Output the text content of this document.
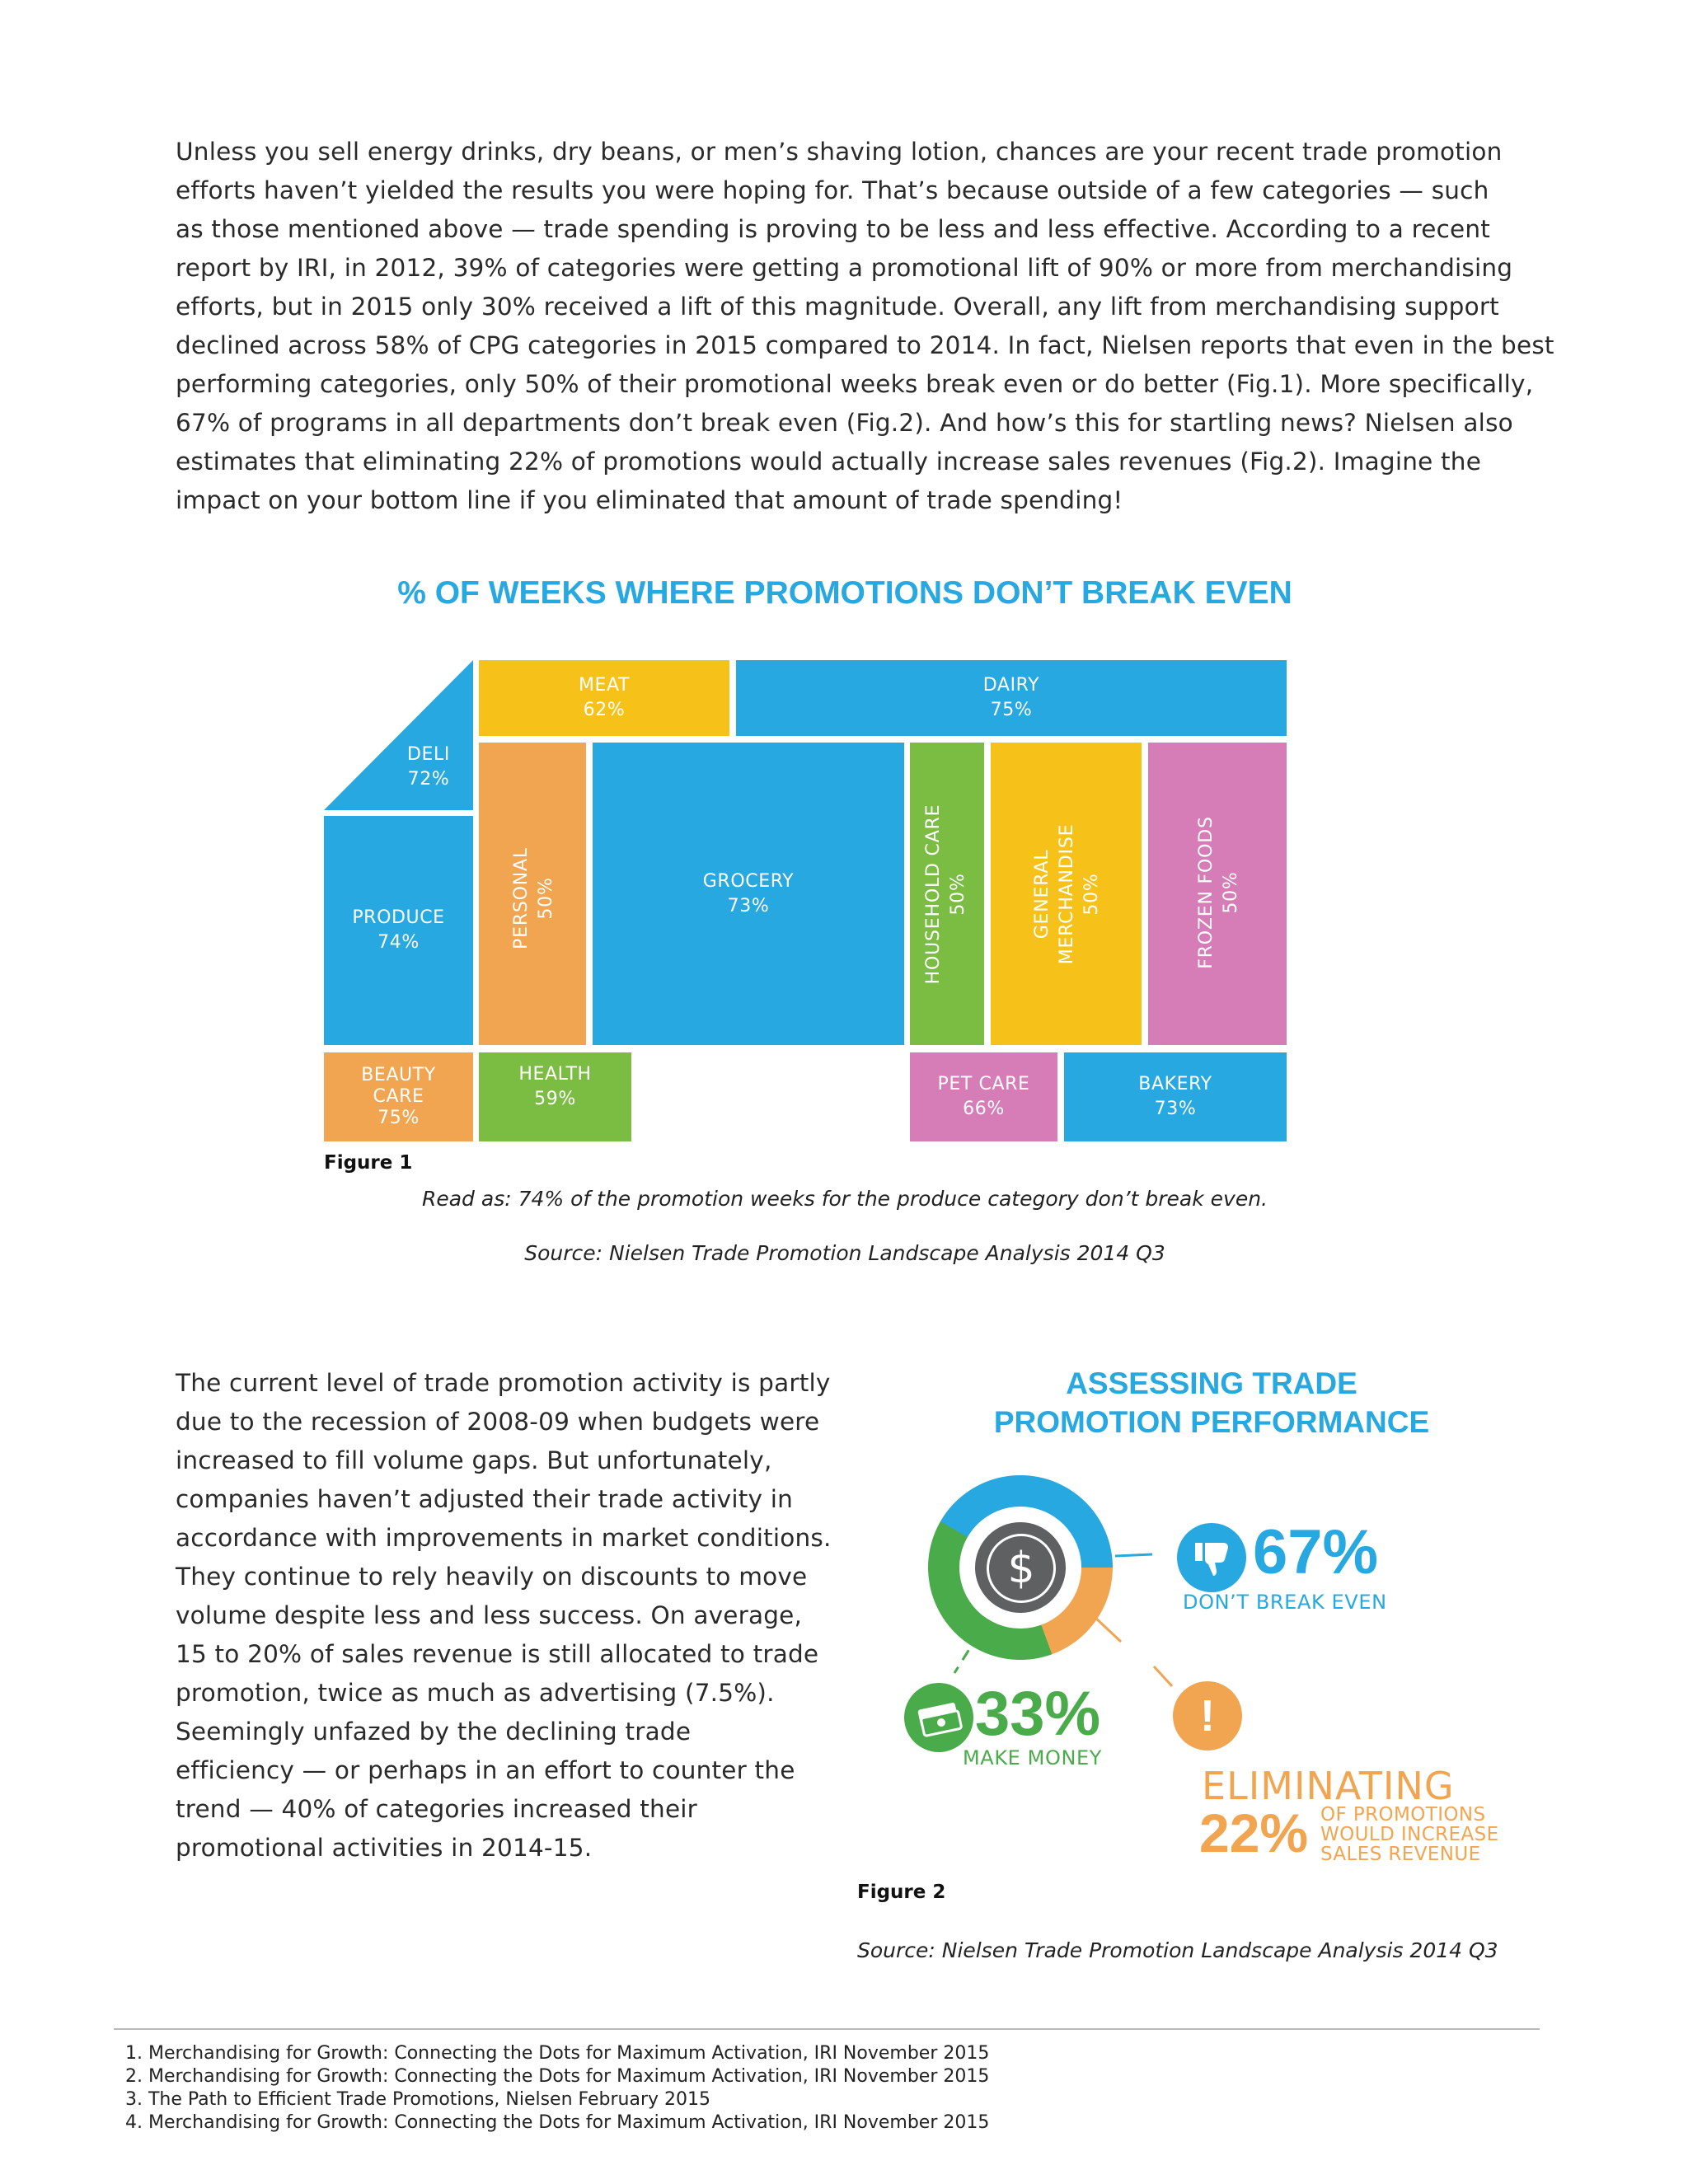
Unless you sell energy drinks, dry beans, or men’s shaving lotion, chances are your recent trade promotion

efforts haven’t yielded the results you were hoping for. That’s because outside of a few categories — such

as those mentioned above — trade spending is proving to be less and less effective. According to a recent

report by IRI, in 2012, 39% of categories were getting a promotional lift of 90% or more from merchandising

efforts, but in 2015 only 30% received a lift of this magnitude. Overall, any lift from merchandising support

declined across 58% of CPG categories in 2015 compared to 2014. In fact, Nielsen reports that even in the best

performing categories, only 50% of their promotional weeks break even or do better (Fig.1). More specifically,

67% of programs in all departments don’t break even (Fig.2). And how’s this for startling news? Nielsen also

estimates that eliminating 22% of promotions would actually increase sales revenues (Fig.2). Imagine the

impact on your bottom line if you eliminated that amount of trade spending!

% OF WEEKS WHERE PROMOTIONS DON’T BREAK EVEN
MEAT
62%
DAIRY
75%
DELI
72%
PRODUCE
74%	PERSONAL 50%	GROCERY
73%	HOUSEHOLD CARE 50%	GENERAL MERCHANDISE 50%	FROZEN FOODS 50%
BEAUTY
CARE
75%
HEALTH
59%
PET CARE
66%
BAKERY
73%
Figure 1
Read as: 74% of the promotion weeks for the produce category don’t break even.
Source: Nielsen Trade Promotion Landscape Analysis 2014 Q3

The current level of trade promotion activity is partly

due to the recession of 2008-09 when budgets were

increased to fill volume gaps. But unfortunately,

companies haven’t adjusted their trade activity in

accordance with improvements in market conditions.

They continue to rely heavily on discounts to move

volume despite less and less success. On average,

15 to 20% of sales revenue is still allocated to trade

promotion, twice as much as advertising (7.5%).

Seemingly unfazed by the declining trade

efficiency — or perhaps in an effort to counter the

trend — 40% of categories increased their

promotional activities in 2014-15.

ASSESSING TRADE
PROMOTION PERFORMANCE
$	67%
DON’T BREAK EVEN
33%
MAKE MONEY
!
ELIMINATING
22% OF PROMOTIONS
WOULD INCREASE
SALES REVENUE
Figure 2
Source: Nielsen Trade Promotion Landscape Analysis 2014 Q3

1. Merchandising for Growth: Connecting the Dots for Maximum Activation, IRI November 2015

2. Merchandising for Growth: Connecting the Dots for Maximum Activation, IRI November 2015

3. The Path to Efficient Trade Promotions, Nielsen February 2015

4. Merchandising for Growth: Connecting the Dots for Maximum Activation, IRI November 2015
